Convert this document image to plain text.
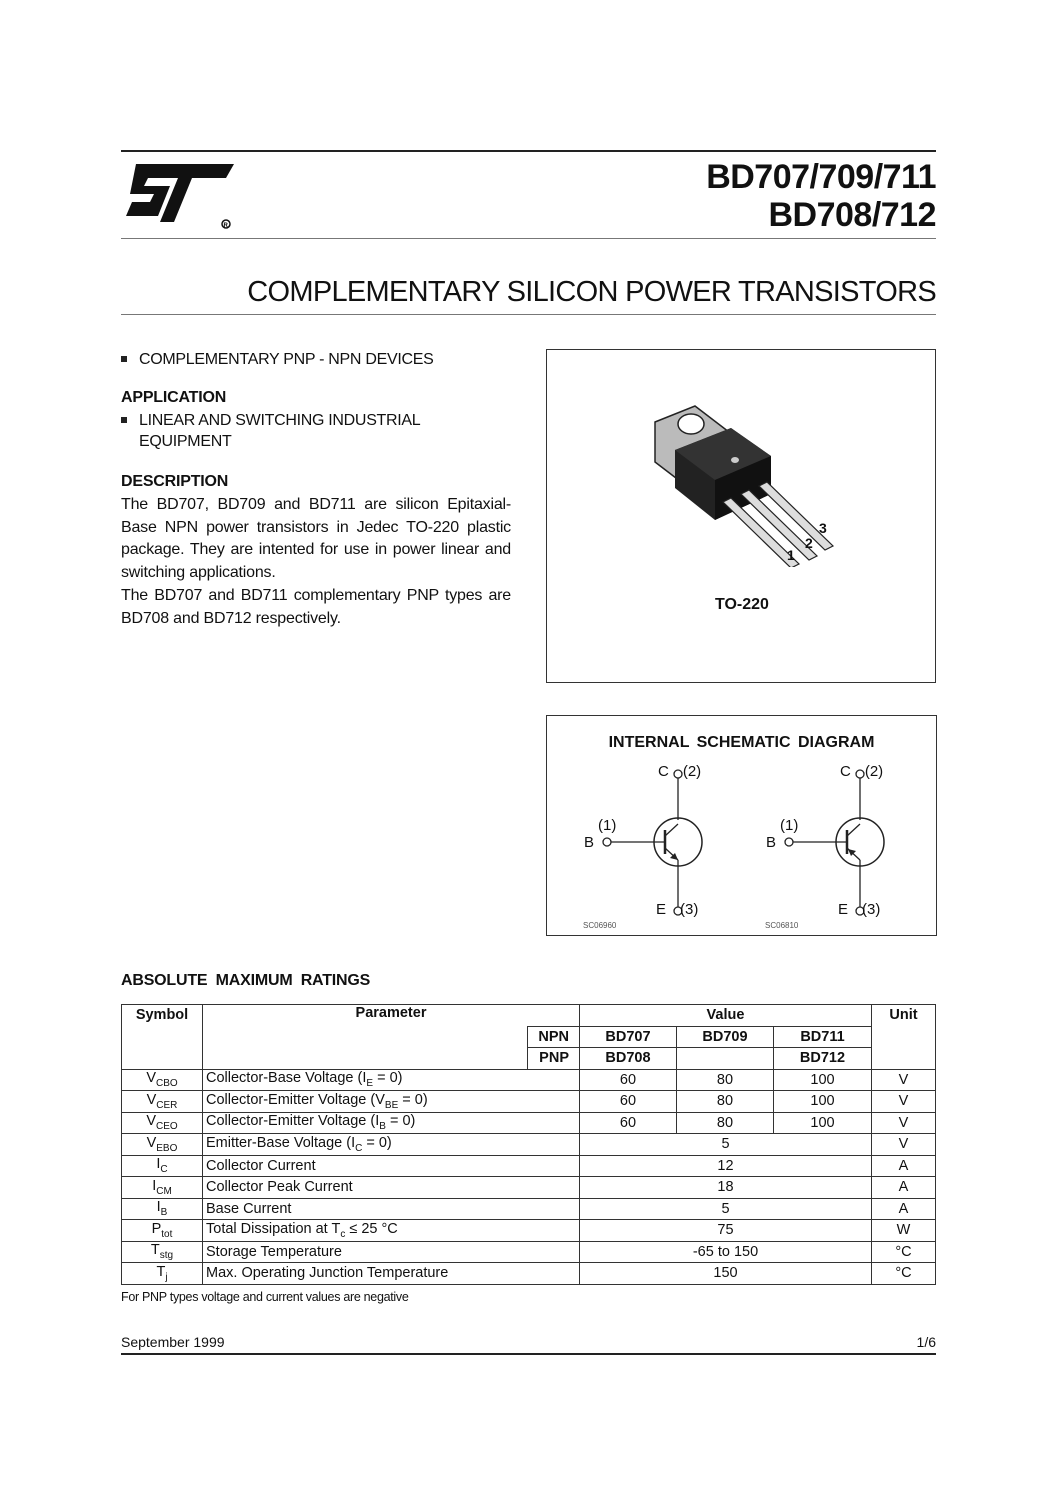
R
BD707/709/711
BD708/712
COMPLEMENTARY SILICON POWER TRANSISTORS
COMPLEMENTARY PNP - NPN DEVICES
APPLICATION
LINEAR AND SWITCHING INDUSTRIAL
EQUIPMENT
DESCRIPTION

The BD707, BD709 and BD711 are silicon Epitaxial-Base NPN power transistors in Jedec TO-220 plastic package. They are intented for use in power linear and switching applications.

The BD707 and BD711 complementary PNP types are BD708 and BD712 respectively.

1
2
3
TO-220
INTERNAL SCHEMATIC DIAGRAM
C (2)
(1)
B
E (3)
SC06960
C (2)
(1)
B
E (3)
SC06810
ABSOLUTE MAXIMUM RATINGS
Symbol	Parameter		Value			Unit
		NPN	BD707	BD709	BD711	
		PNP	BD708		BD712	
$V_{CBO}$	Collector-Base Voltage $(I_E = 0)$		60	80	100	V
$V_{CER}$	Collector-Emitter Voltage $(V_{BE} = 0)$		60	80	100	V
$V_{CEO}$	Collector-Emitter Voltage $(I_B = 0)$		60	80	100	V
$V_{EBO}$	Emitter-Base Voltage $(I_C = 0)$		5			V
$I_C$	Collector Current		12			A
$I_{CM}$	Collector Peak Current		18			A
$I_B$	Base Current		5			A
$P_{tot}$	Total Dissipation at $T_c \le 25$ °C		75			W
$T_{stg}$	Storage Temperature		-65 to 150			°C
$T_j$	Max. Operating Junction Temperature		150			°C
For PNP types voltage and current values are negative
September 1999	1/6
